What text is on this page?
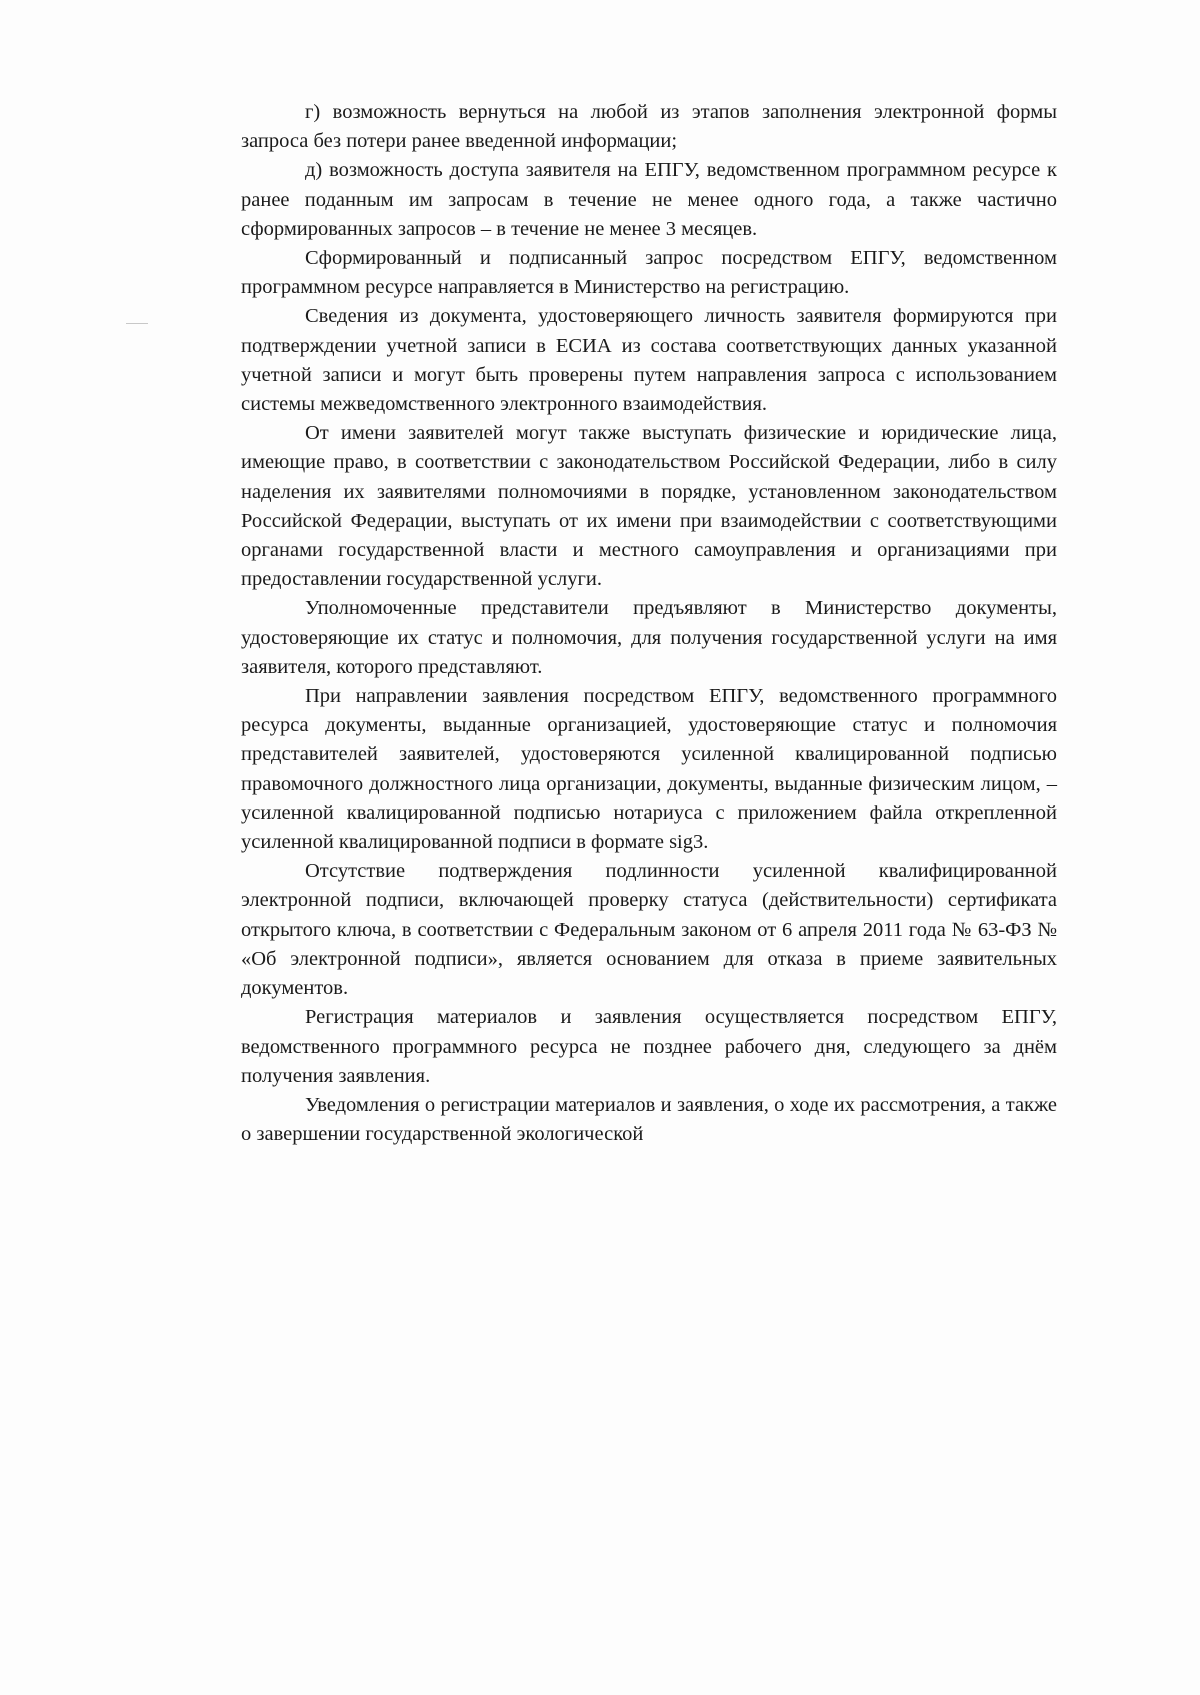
г) возможность вернуться на любой из этапов заполнения электронной формы запроса без потери ранее введенной информации;

д) возможность доступа заявителя на ЕПГУ, ведомственном программном ресурсе к ранее поданным им запросам в течение не менее одного года, а также частично сформированных запросов – в течение не менее 3 месяцев.

Сформированный и подписанный запрос посредством ЕПГУ, ведомственном программном ресурсе направляется в Министерство на регистрацию.

Сведения из документа, удостоверяющего личность заявителя формируются при подтверждении учетной записи в ЕСИА из состава соответствующих данных указанной учетной записи и могут быть проверены путем направления запроса с использованием системы межведомственного электронного взаимодействия.

От имени заявителей могут также выступать физические и юридические лица, имеющие право, в соответствии с законодательством Российской Федерации, либо в силу наделения их заявителями полномочиями в порядке, установленном законодательством Российской Федерации, выступать от их имени при взаимодействии с соответствующими органами государственной власти и местного самоуправления и организациями при предоставлении государственной услуги.

Уполномоченные представители предъявляют в Министерство документы, удостоверяющие их статус и полномочия, для получения государственной услуги на имя заявителя, которого представляют.

При направлении заявления посредством ЕПГУ, ведомственного программного ресурса документы, выданные организацией, удостоверяющие статус и полномочия представителей заявителей, удостоверяются усиленной квалицированной подписью правомочного должностного лица организации, документы, выданные физическим лицом, – усиленной квалицированной подписью нотариуса с приложением файла открепленной усиленной квалицированной подписи в формате sig3.

Отсутствие подтверждения подлинности усиленной квалифицированной электронной подписи, включающей проверку статуса (действительности) сертификата открытого ключа, в соответствии с Федеральным законом от 6 апреля 2011 года № 63-ФЗ № «Об электронной подписи», является основанием для отказа в приеме заявительных документов.

Регистрация материалов и заявления осуществляется посредством ЕПГУ, ведомственного программного ресурса не позднее рабочего дня, следующего за днём получения заявления.

Уведомления о регистрации материалов и заявления, о ходе их рассмотрения, а также о завершении государственной экологической
